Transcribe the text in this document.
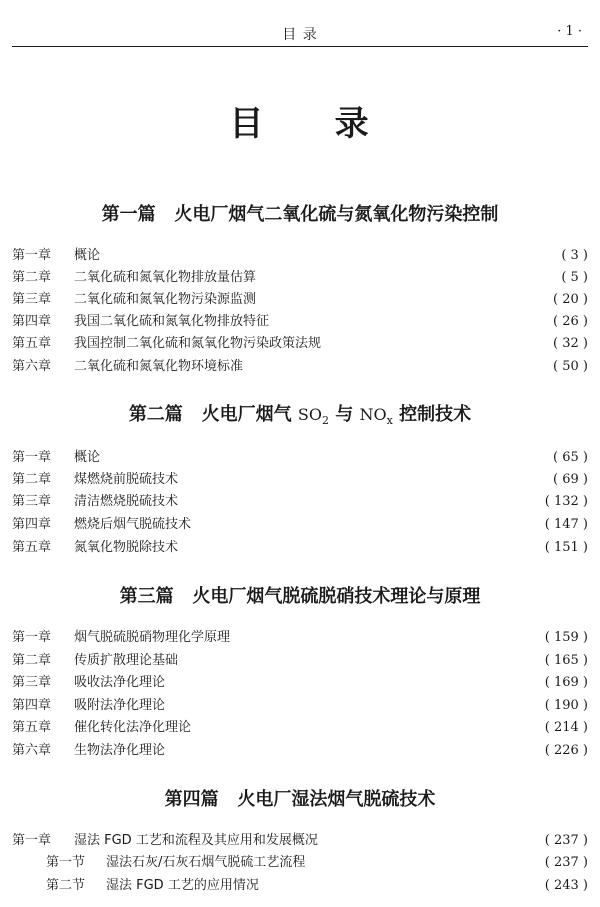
目 录	· 1 ·
目     录
第一篇 火电厂烟气二氧化硫与氮氧化物污染控制
第一章 概论	( 3 )
第二章 二氧化硫和氮氧化物排放量估算	( 5 )
第三章 二氧化硫和氮氧化物污染源监测	( 20 )
第四章 我国二氧化硫和氮氧化物排放特征	( 26 )
第五章 我国控制二氧化硫和氮氧化物污染政策法规	( 32 )
第六章 二氧化硫和氮氧化物环境标准	( 50 )
第二篇 火电厂烟气 $SO_2$ 与 $NO_x$ 控制技术
第一章 概论	( 65 )
第二章 煤燃烧前脱硫技术	( 69 )
第三章 清洁燃烧脱硫技术	( 132 )
第四章 燃烧后烟气脱硫技术	( 147 )
第五章 氮氧化物脱除技术	( 151 )
第三篇 火电厂烟气脱硫脱硝技术理论与原理
第一章 烟气脱硫脱硝物理化学原理	( 159 )
第二章 传质扩散理论基础	( 165 )
第三章 吸收法净化理论	( 169 )
第四章 吸附法净化理论	( 190 )
第五章 催化转化法净化理论	( 214 )
第六章 生物法净化理论	( 226 )
第四篇 火电厂湿法烟气脱硫技术
第一章 湿法 FGD 工艺和流程及其应用和发展概况	( 237 )
第一节 湿法石灰/石灰石烟气脱硫工艺流程	( 237 )
第二节 湿法 FGD 工艺的应用情况	( 243 )
